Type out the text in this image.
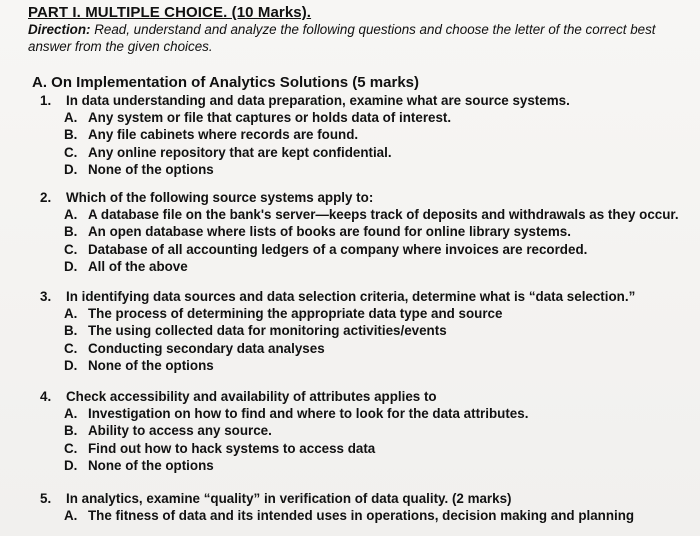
PART I. MULTIPLE CHOICE. (10 Marks).
Direction: Read, understand and analyze the following questions and choose the letter of the correct best answer from the given choices.
A. On Implementation of Analytics Solutions (5 marks)
1.	In data understanding and data preparation, examine what are source systems.
A. Any system or file that captures or holds data of interest.
B. Any file cabinets where records are found.
C. Any online repository that are kept confidential.
D. None of the options
2.	Which of the following source systems apply to:
A. A database file on the bank's server—keeps track of deposits and withdrawals as they occur.
B. An open database where lists of books are found for online library systems.
C. Database of all accounting ledgers of a company where invoices are recorded.
D. All of the above
3.	In identifying data sources and data selection criteria, determine what is “data selection.”
A. The process of determining the appropriate data type and source
B. The using collected data for monitoring activities/events
C. Conducting secondary data analyses
D. None of the options
4.	Check accessibility and availability of attributes applies to
A. Investigation on how to find and where to look for the data attributes.
B. Ability to access any source.
C. Find out how to hack systems to access data
D. None of the options
5.	In analytics, examine “quality” in verification of data quality. (2 marks)
A. The fitness of data and its intended uses in operations, decision making and planning
